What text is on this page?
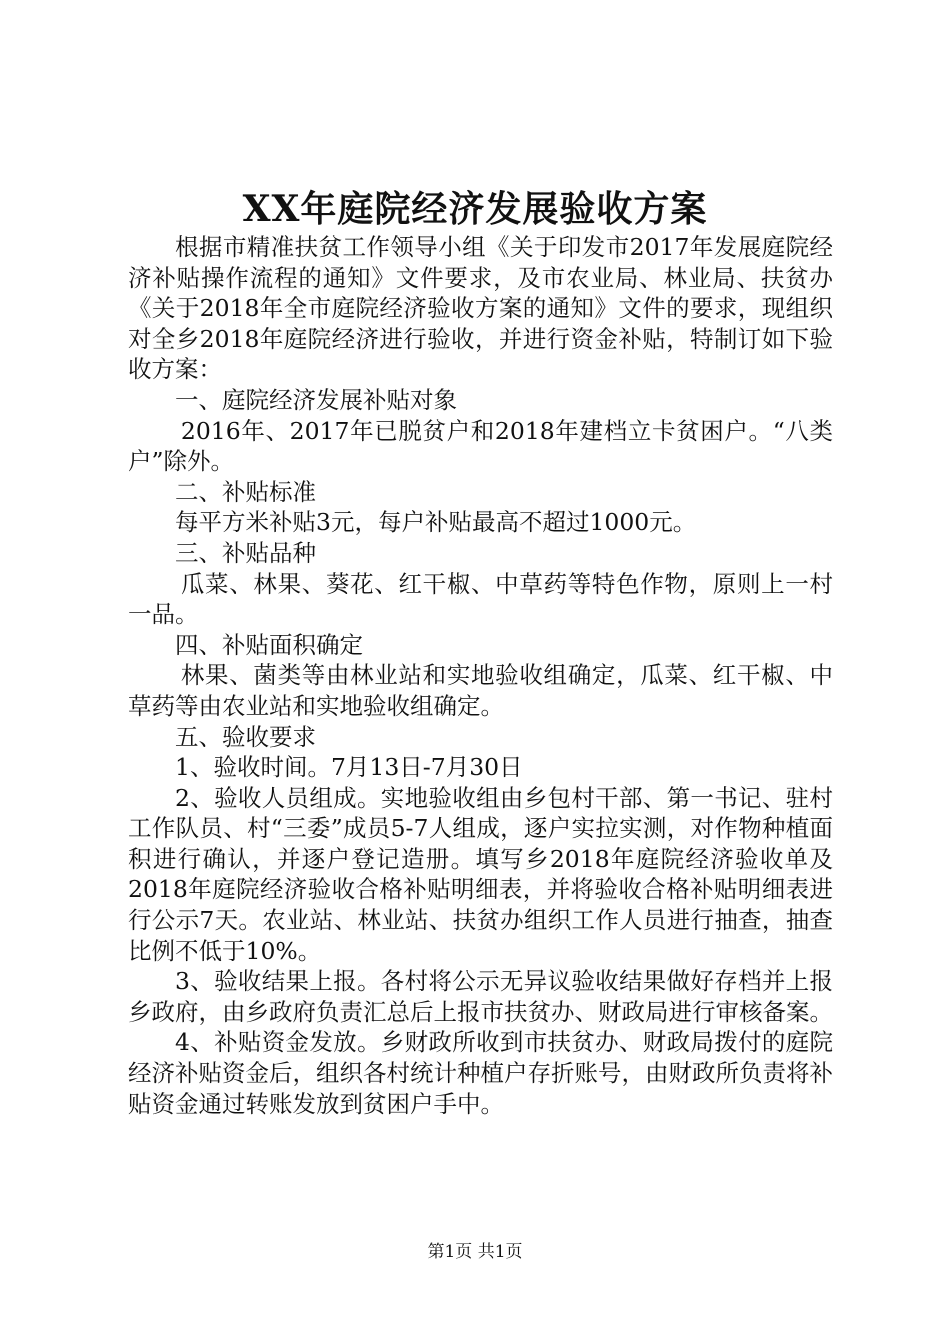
XX年庭院经济发展验收方案

根据市精准扶贫工作领导小组《关于印发市2017年发展庭院经济补贴操作流程的通知》文件要求，及市农业局、林业局、扶贫办《关于2018年全市庭院经济验收方案的通知》文件的要求，现组织对全乡2018年庭院经济进行验收，并进行资金补贴，特制订如下验收方案：

一、庭院经济发展补贴对象

2016年、2017年已脱贫户和2018年建档立卡贫困户。“八类户”除外。

二、补贴标准

每平方米补贴3元，每户补贴最高不超过1000元。

三、补贴品种

瓜菜、林果、葵花、红干椒、中草药等特色作物，原则上一村一品。

四、补贴面积确定

林果、菌类等由林业站和实地验收组确定，瓜菜、红干椒、中草药等由农业站和实地验收组确定。

五、验收要求

1、验收时间。7月13日-7月30日

2、验收人员组成。实地验收组由乡包村干部、第一书记、驻村工作队员、村“三委”成员5-7人组成，逐户实拉实测，对作物种植面积进行确认，并逐户登记造册。填写乡2018年庭院经济验收单及2018年庭院经济验收合格补贴明细表，并将验收合格补贴明细表进行公示7天。农业站、林业站、扶贫办组织工作人员进行抽查，抽查比例不低于10%。

3、验收结果上报。各村将公示无异议验收结果做好存档并上报乡政府，由乡政府负责汇总后上报市扶贫办、财政局进行审核备案。

4、补贴资金发放。乡财政所收到市扶贫办、财政局拨付的庭院经济补贴资金后，组织各村统计种植户存折账号，由财政所负责将补贴资金通过转账发放到贫困户手中。

第1页 共1页
